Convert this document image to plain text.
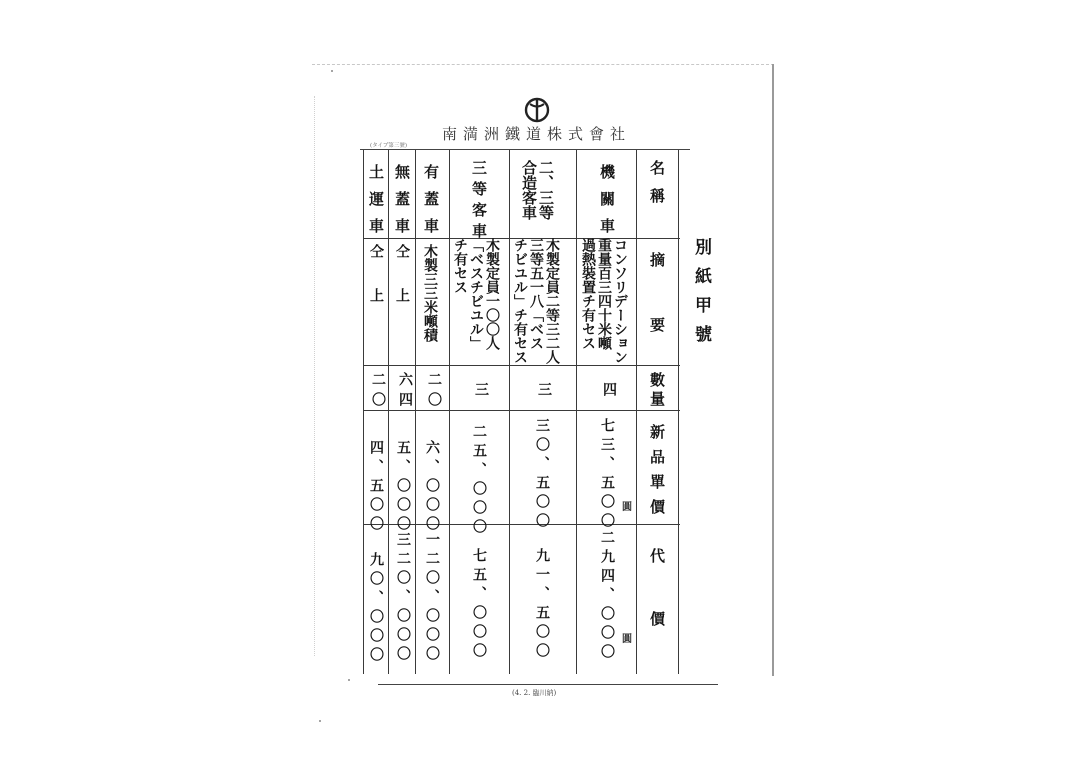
南満洲鐵道株式會社
(タイプ第三號)
別紙甲號
名稱
摘要
數量
新品單價
代價
機關車
コンソリデーション
重量百三四十米噸
過熱裝置チ有セス
四
七三、五〇〇 圓
二九四、〇〇〇 圓
二、三等
合造客車
木製定員二等三二人
三等五一八「ベス
チビユル」チ有セス
三
三〇、五〇〇
九一、五〇〇
三等客車
木製定員一〇〇人
「ベスチビユル」
チ有セス
三
二五、〇〇〇
七五、〇〇〇
有蓋車
木製三三米噸積
二〇
六、〇〇〇
一二〇、〇〇〇
無蓋車
仝上
六四
五、〇〇〇
三二〇、〇〇〇
土運車
仝上
二〇
四、五〇〇
九〇、〇〇〇
(4. 2. 臨川納)
